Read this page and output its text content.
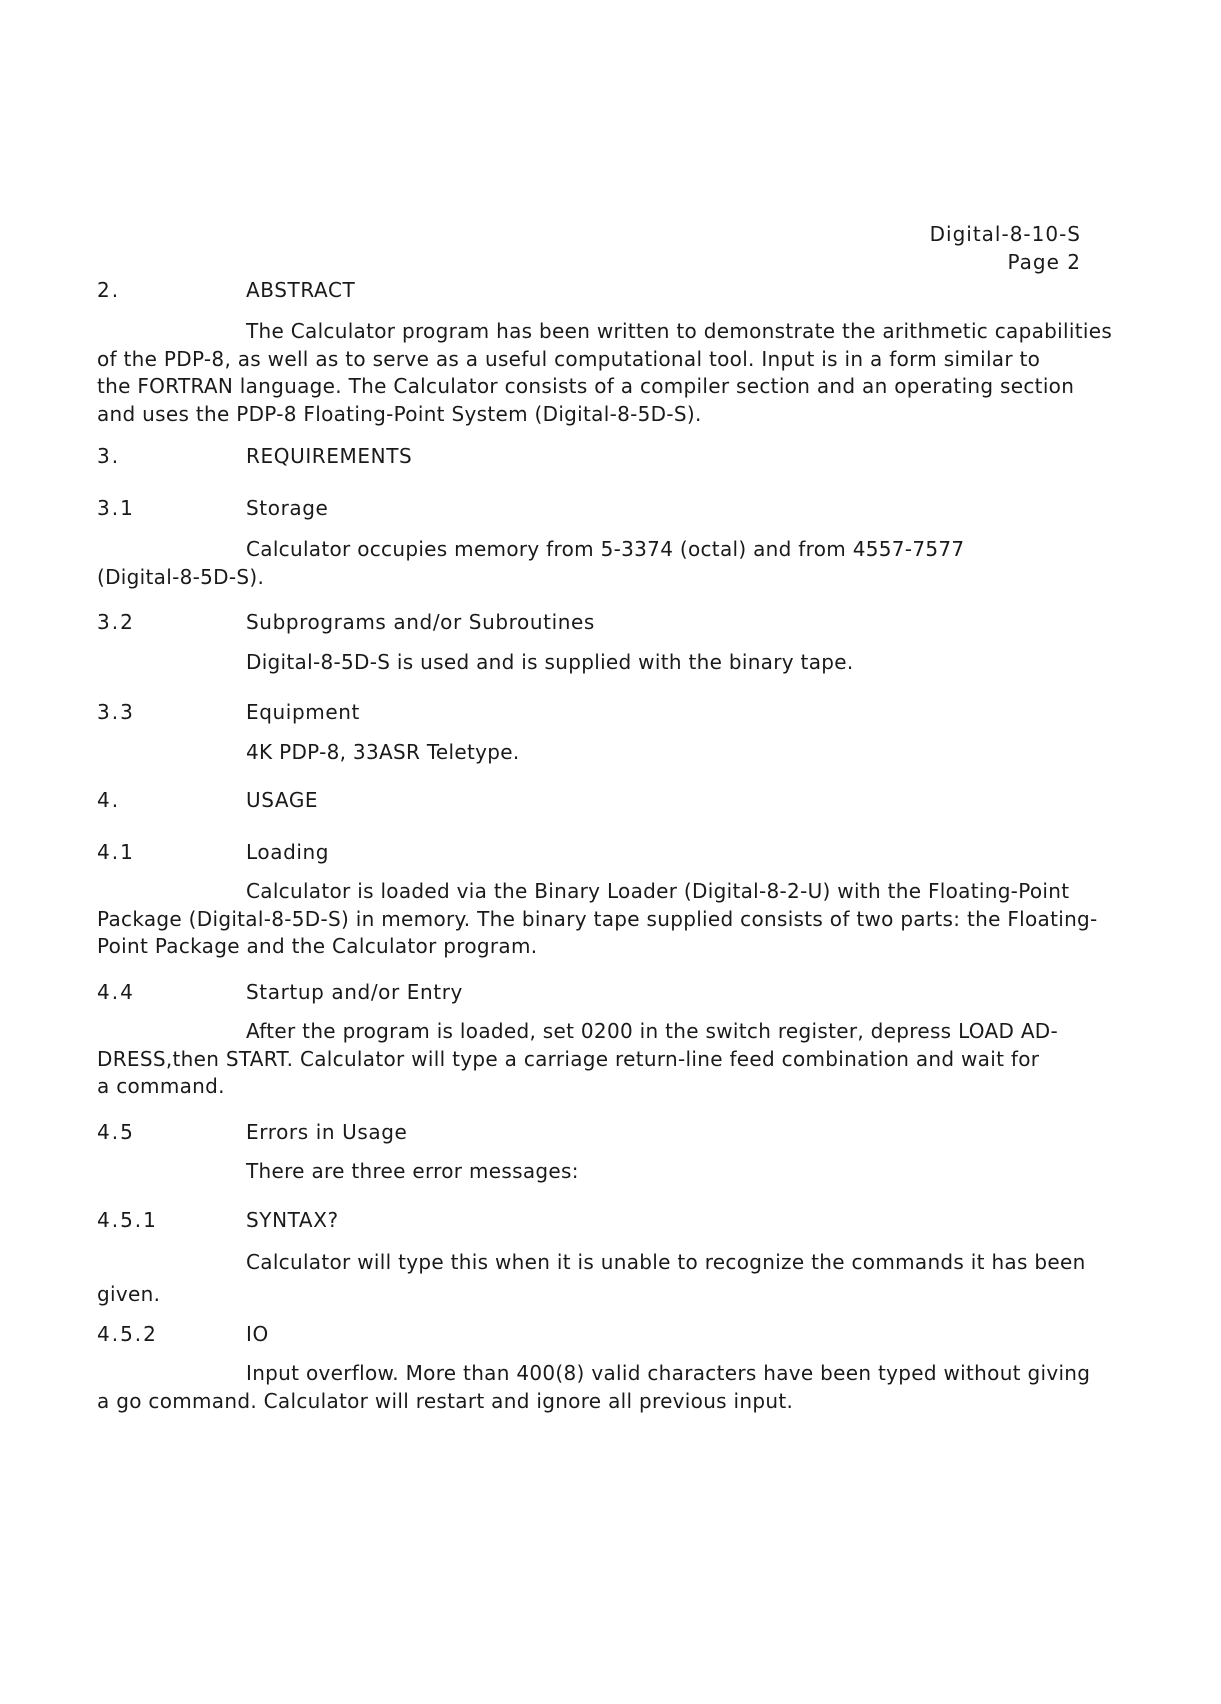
Digital-8-10-S
Page 2
2.	ABSTRACT
The Calculator program has been written to demonstrate the arithmetic capabilities
of the PDP-8, as well as to serve as a useful computational tool. Input is in a form similar to
the FORTRAN language. The Calculator consists of a compiler section and an operating section
and uses the PDP-8 Floating-Point System (Digital-8-5D-S).
3.	REQUIREMENTS
3.1	Storage
Calculator occupies memory from 5-3374 (octal) and from 4557-7577
(Digital-8-5D-S).
3.2	Subprograms and/or Subroutines
Digital-8-5D-S is used and is supplied with the binary tape.
3.3	Equipment
4K PDP-8, 33ASR Teletype.
4.	USAGE
4.1	Loading
Calculator is loaded via the Binary Loader (Digital-8-2-U) with the Floating-Point
Package (Digital-8-5D-S) in memory. The binary tape supplied consists of two parts: the Floating-
Point Package and the Calculator program.
4.4	Startup and/or Entry
After the program is loaded, set 0200 in the switch register, depress LOAD AD-
DRESS,then START. Calculator will type a carriage return-line feed combination and wait for
a command.
4.5	Errors in Usage
There are three error messages:
4.5.1	SYNTAX?
Calculator will type this when it is unable to recognize the commands it has been
given.
4.5.2	IO
Input overflow. More than 400(8) valid characters have been typed without giving
a go command. Calculator will restart and ignore all previous input.
